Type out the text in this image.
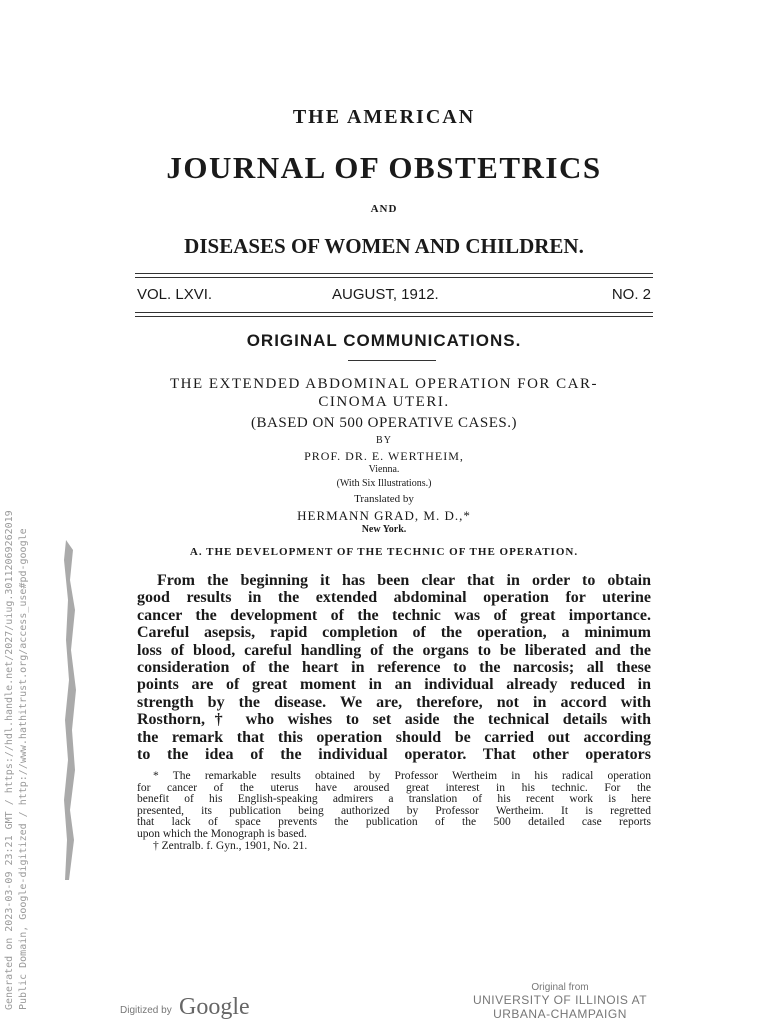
THE AMERICAN
JOURNAL OF OBSTETRICS
AND
DISEASES OF WOMEN AND CHILDREN.
VOL. LXVI.	AUGUST, 1912.	NO. 2
ORIGINAL COMMUNICATIONS.
THE EXTENDED ABDOMINAL OPERATION FOR CAR-
CINOMA UTERI.
(BASED ON 500 OPERATIVE CASES.)
BY
PROF. DR. E. WERTHEIM,
Vienna.
(With Six Illustrations.)
Translated by
HERMANN GRAD, M. D.,*
New York.
A. THE DEVELOPMENT OF THE TECHNIC OF THE OPERATION.
From the beginning it has been clear that in order to obtain
good results in the extended abdominal operation for uterine
cancer the development of the technic was of great importance.
Careful asepsis, rapid completion of the operation, a minimum
loss of blood, careful handling of the organs to be liberated and the
consideration of the heart in reference to the narcosis; all these
points are of great moment in an individual already reduced in
strength by the disease. We are, therefore, not in accord with
Rosthorn,† who wishes to set aside the technical details with
the remark that this operation should be carried out according
to the idea of the individual operator. That other operators
* The remarkable results obtained by Professor Wertheim in his radical operation
for cancer of the uterus have aroused great interest in his technic. For the
benefit of his English-speaking admirers a translation of his recent work is here
presented, its publication being authorized by Professor Wertheim. It is regretted
that lack of space prevents the publication of the 500 detailed case reports
upon which the Monograph is based.
† Zentralb. f. Gyn., 1901, No. 21.
Generated on 2023-03-09 23:21 GMT / https://hdl.handle.net/2027/uiug.30112069262019 Public Domain, Google-digitized / http://www.hathitrust.org/access_use#pd-google
Digitized by Google
Original from
UNIVERSITY OF ILLINOIS AT
URBANA-CHAMPAIGN
